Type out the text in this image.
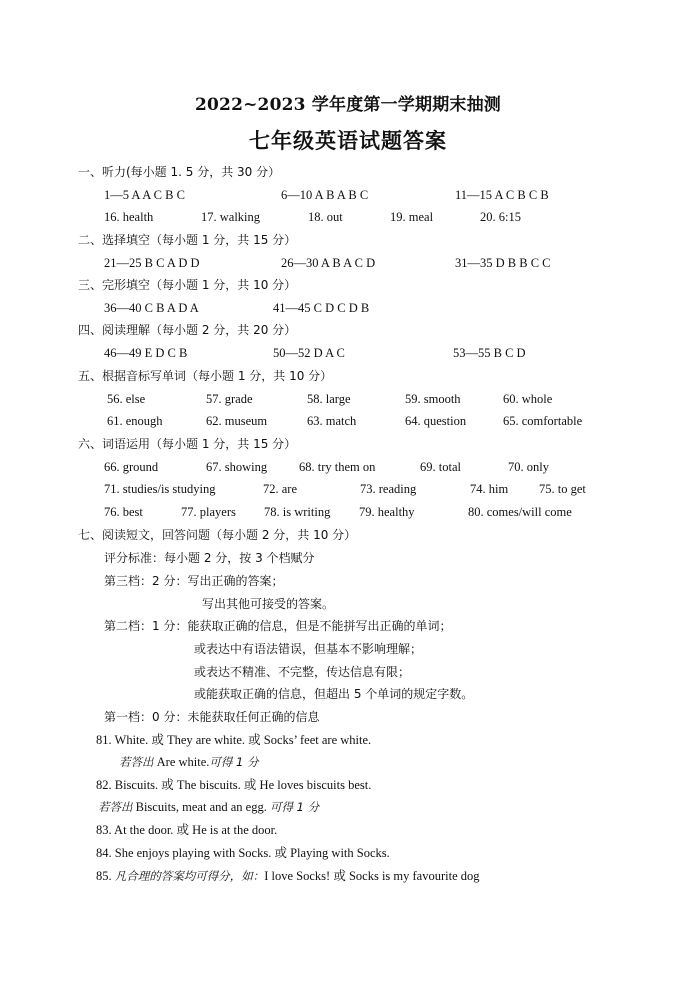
2022~2023 学年度第一学期期末抽测
七年级英语试题答案
一、听力(每小题 1. 5 分，共 30 分）
1—5 A A C B C	6—10 A B A B C	11—15 A C B C B
16. health	17. walking	18. out	19. meal	20. 6:15
二、选择填空（每小题 1 分，共 15 分）
21—25 B C A D D	26—30 A B A C D	31—35 D B B C C
三、完形填空（每小题 1 分，共 10 分）
36—40 C B A D A	41—45 C D C D B
四、阅读理解（每小题 2 分，共 20 分）
46—49 E D C B	50—52 D A C	53—55 B C D
五、根据音标写单词（每小题 1 分，共 10 分）
56. else	57. grade	58. large	59. smooth	60. whole
61. enough	62. museum	63. match	64. question	65. comfortable
六、词语运用（每小题 1 分，共 15 分）
66. ground	67. showing	68. try them on	69. total	70. only
71. studies/is studying	72. are	73. reading	74. him 75. to get
76. best	77. players 78. is writing 79. healthy	80. comes/will come
七、阅读短文，回答问题（每小题 2 分，共 10 分）
评分标准：每小题 2 分，按 3 个档赋分
第三档：2 分：写出正确的答案；
写出其他可接受的答案。
第二档：1 分：能获取正确的信息，但是不能拼写出正确的单词；
或表达中有语法错误，但基本不影响理解；
或表达不精准、不完整，传达信息有限；
或能获取正确的信息，但超出 5 个单词的规定字数。
第一档：0 分：未能获取任何正确的信息
81. White. 或 They are white. 或 Socks’ feet are white.
若答出 Are white.可得 1 分
82. Biscuits. 或 The biscuits. 或 He loves biscuits best.
若答出 Biscuits, meat and an egg. 可得 1 分
83. At the door. 或 He is at the door.
84. She enjoys playing with Socks. 或 Playing with Socks.
85. 凡合理的答案均可得分，如：I love Socks! 或 Socks is my favourite dog
